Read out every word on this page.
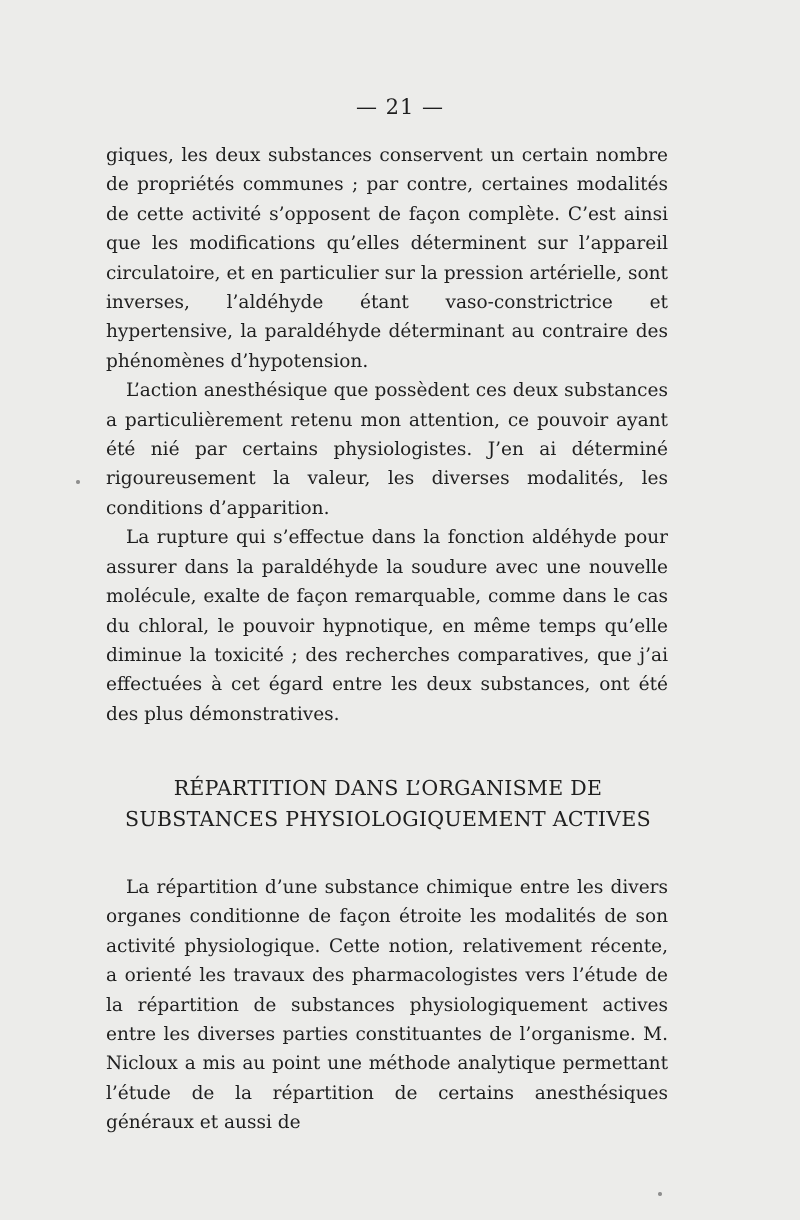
— 21 —

giques, les deux substances conservent un certain nombre de propriétés communes ; par contre, certaines modalités de cette activité s’opposent de façon complète. C’est ainsi que les modifications qu’elles déterminent sur l’appareil circulatoire, et en particulier sur la pression artérielle, sont inverses, l’aldéhyde étant vaso-constrictrice et hypertensive, la paraldéhyde déterminant au contraire des phénomènes d’hypotension.

L’action anesthésique que possèdent ces deux substances a particulièrement retenu mon attention, ce pouvoir ayant été nié par certains physiologistes. J’en ai déterminé rigoureusement la valeur, les diverses modalités, les conditions d’apparition.

La rupture qui s’effectue dans la fonction aldéhyde pour assurer dans la paraldéhyde la soudure avec une nouvelle molécule, exalte de façon remarquable, comme dans le cas du chloral, le pouvoir hypnotique, en même temps qu’elle diminue la toxicité ; des recherches comparatives, que j’ai effectuées à cet égard entre les deux substances, ont été des plus démonstratives.

RÉPARTITION DANS L’ORGANISME DE SUBSTANCES PHYSIOLOGIQUEMENT ACTIVES

La répartition d’une substance chimique entre les divers organes conditionne de façon étroite les modalités de son activité physiologique. Cette notion, relativement récente, a orienté les travaux des pharmacologistes vers l’étude de la répartition de substances physiologiquement actives entre les diverses parties constituantes de l’organisme. M. Nicloux a mis au point une méthode analytique permettant l’étude de la répartition de certains anesthésiques généraux et aussi de
